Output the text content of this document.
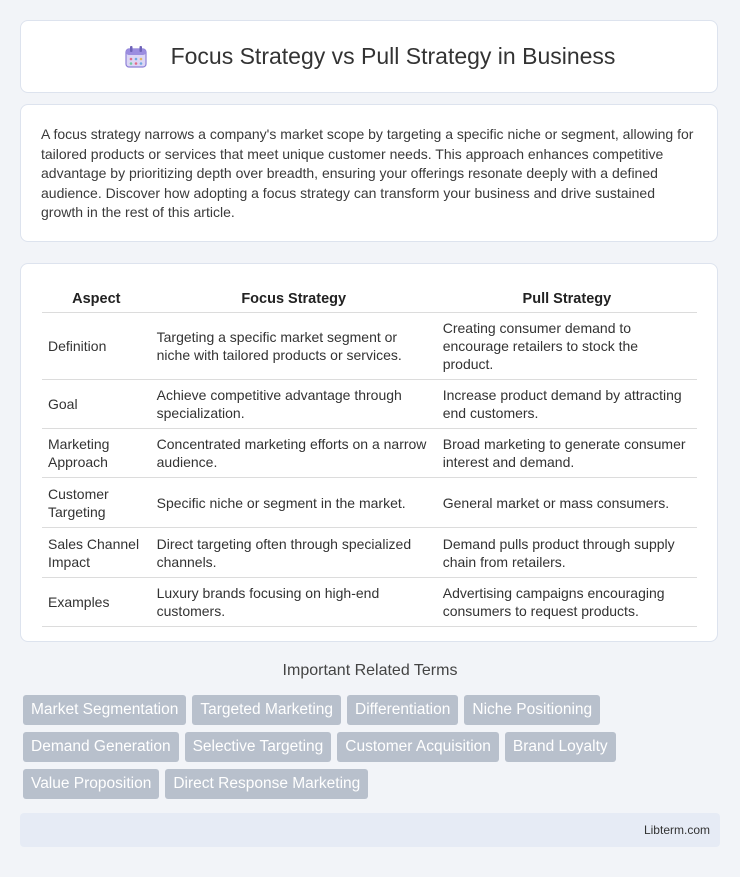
Focus Strategy vs Pull Strategy in Business

A focus strategy narrows a company's market scope by targeting a specific niche or segment, allowing for tailored products or services that meet unique customer needs. This approach enhances competitive advantage by prioritizing depth over breadth, ensuring your offerings resonate deeply with a defined audience. Discover how adopting a focus strategy can transform your business and drive sustained growth in the rest of this article.

Aspect	Focus Strategy	Pull Strategy
Definition	Targeting a specific market segment or niche with tailored products or services.	Creating consumer demand to encourage retailers to stock the product.
Goal	Achieve competitive advantage through specialization.	Increase product demand by attracting end customers.
Marketing Approach	Concentrated marketing efforts on a narrow audience.	Broad marketing to generate consumer interest and demand.
Customer Targeting	Specific niche or segment in the market.	General market or mass consumers.
Sales Channel Impact	Direct targeting often through specialized channels.	Demand pulls product through supply chain from retailers.
Examples	Luxury brands focusing on high-end customers.	Advertising campaigns encouraging consumers to request products.
Important Related Terms
Market Segmentation	Targeted Marketing	Differentiation	Niche Positioning
Demand Generation	Selective Targeting	Customer Acquisition	Brand Loyalty
Value Proposition	Direct Response Marketing
Libterm.com
